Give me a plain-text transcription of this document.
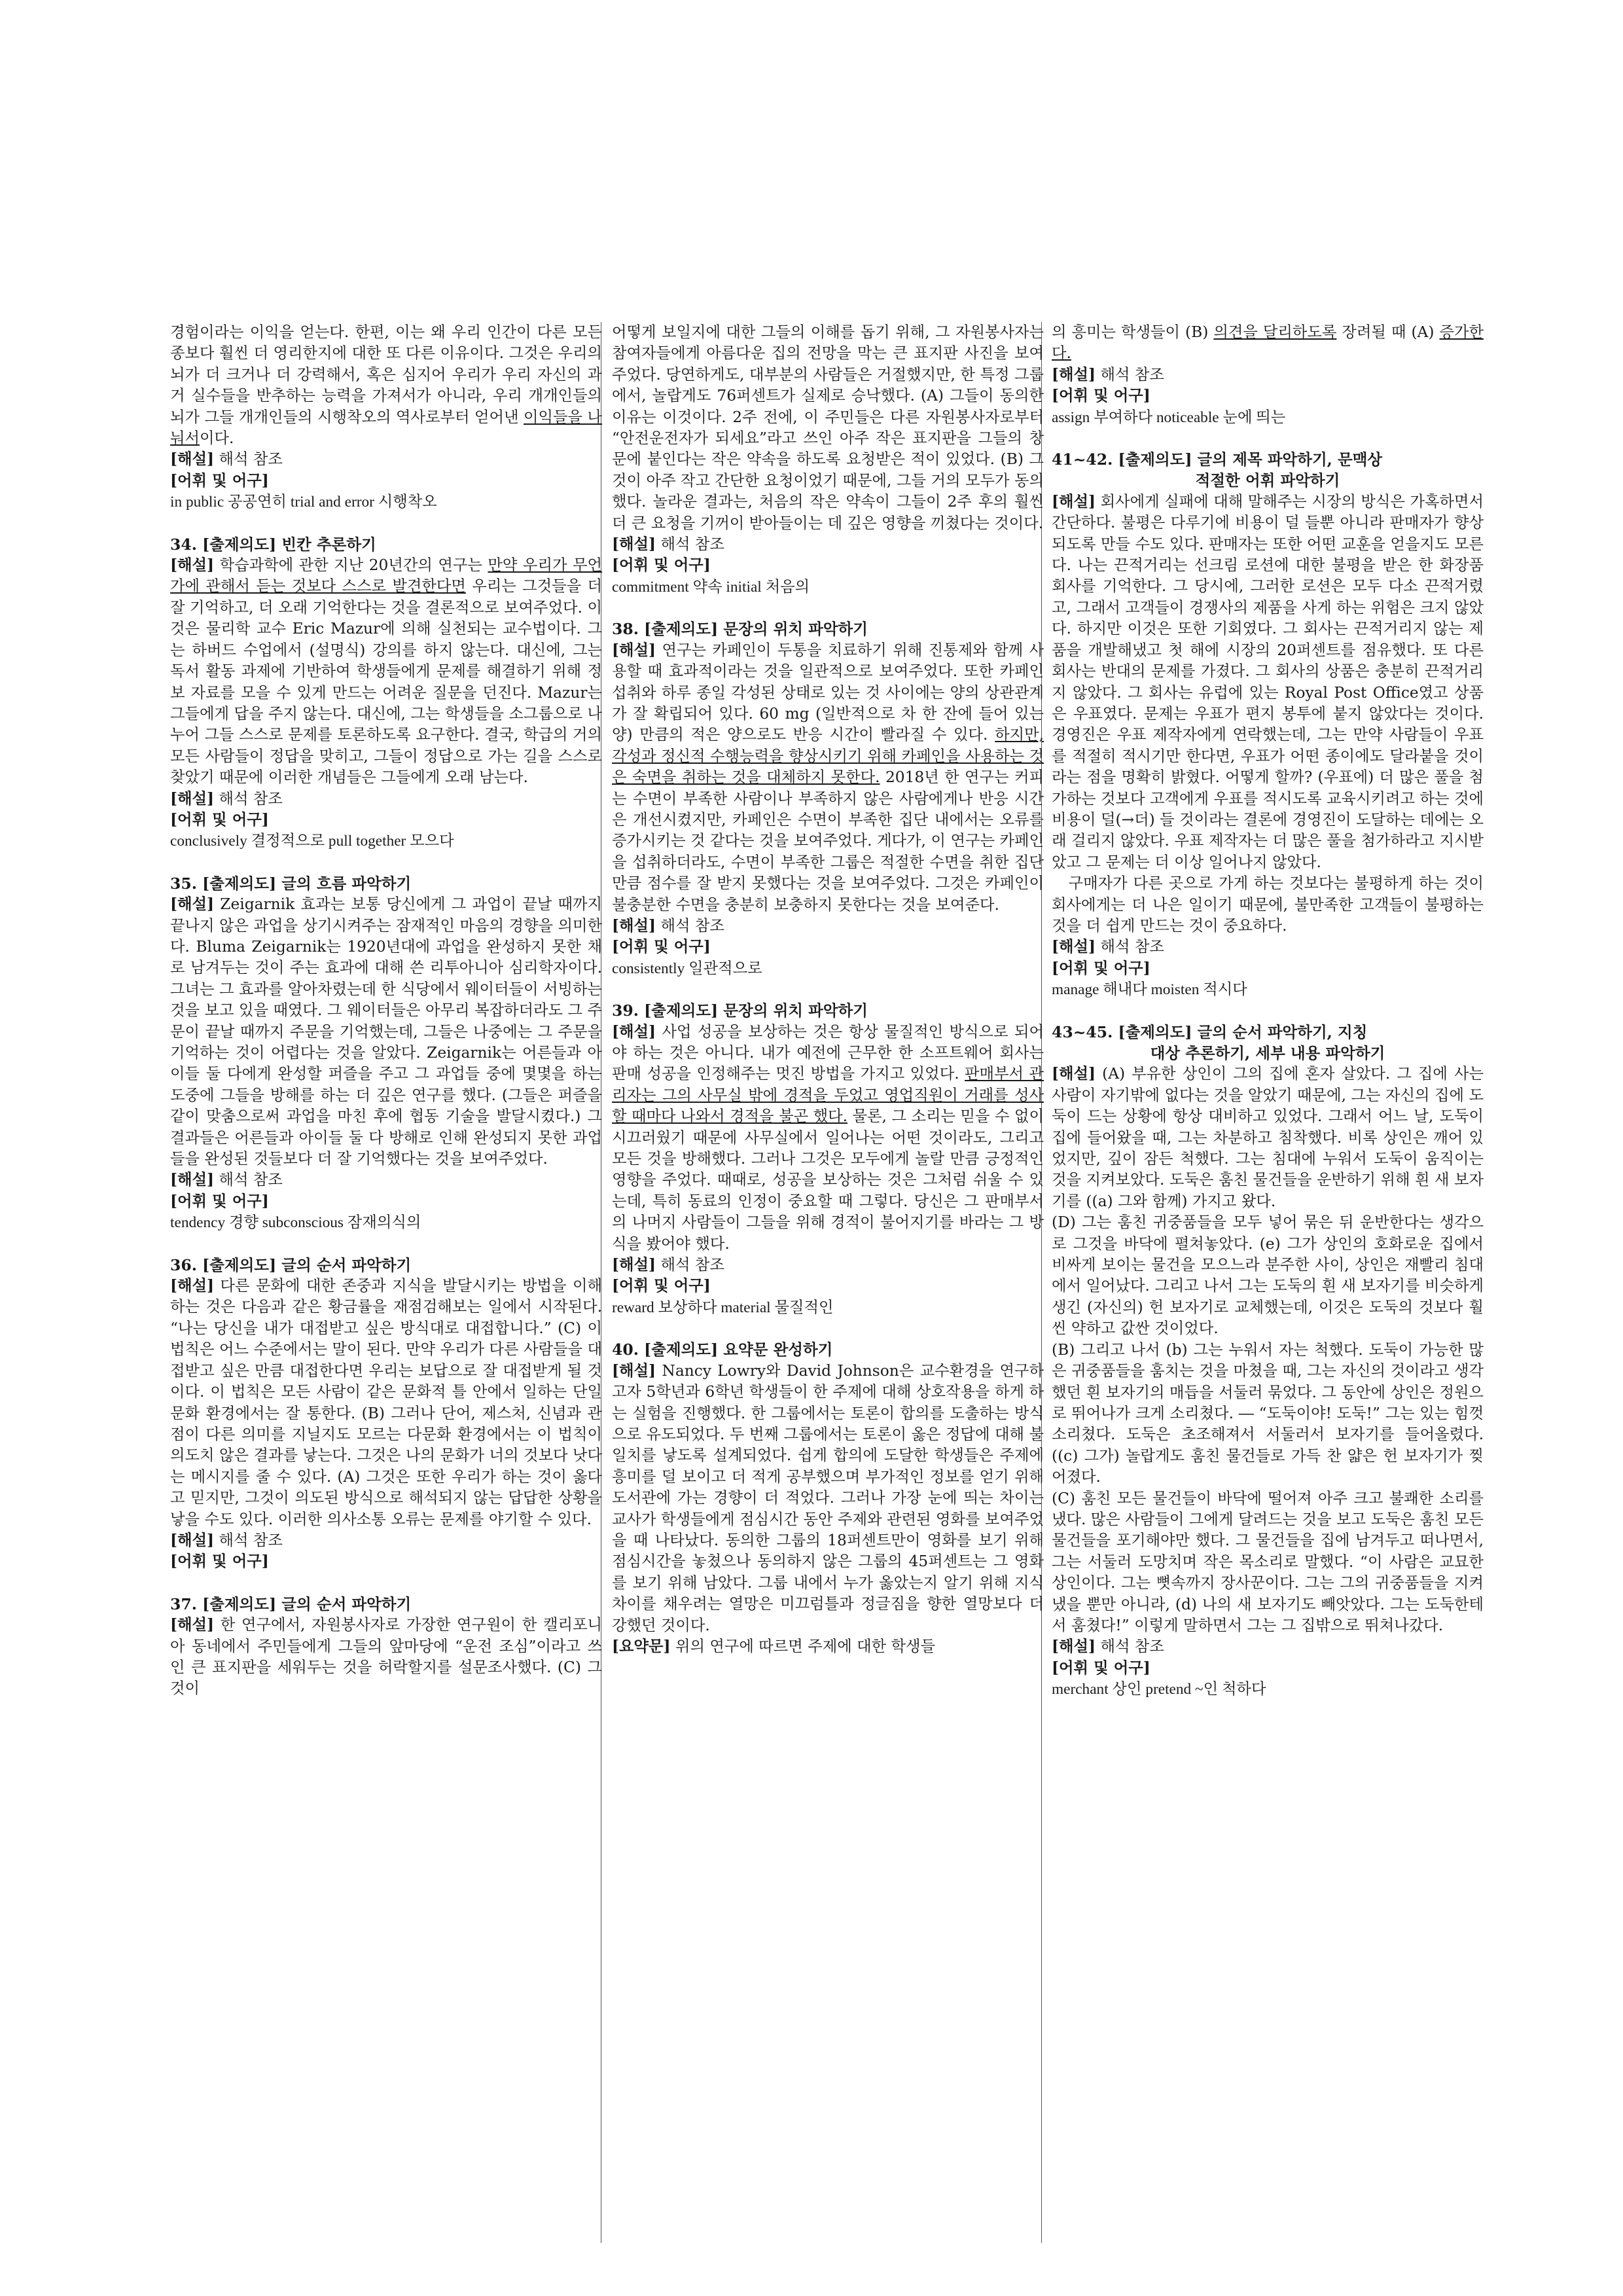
경험이라는 이익을 얻는다. 한편, 이는 왜 우리 인간이 다른 모든 종보다 훨씬 더 영리한지에 대한 또 다른 이유이다. 그것은 우리의 뇌가 더 크거나 더 강력해서, 혹은 심지어 우리가 우리 자신의 과거 실수들을 반추하는 능력을 가져서가 아니라, 우리 개개인들의 뇌가 그들 개개인들의 시행착오의 역사로부터 얻어낸 이익들을 나눠서이다.

[해설] 해석 참조

[어휘 및 어구]

in public 공공연히 trial and error 시행착오

34. [출제의도] 빈칸 추론하기

[해설] 학습과학에 관한 지난 20년간의 연구는 만약 우리가 무언가에 관해서 듣는 것보다 스스로 발견한다면 우리는 그것들을 더 잘 기억하고, 더 오래 기억한다는 것을 결론적으로 보여주었다. 이것은 물리학 교수 Eric Mazur에 의해 실천되는 교수법이다. 그는 하버드 수업에서 (설명식) 강의를 하지 않는다. 대신에, 그는 독서 활동 과제에 기반하여 학생들에게 문제를 해결하기 위해 정보 자료를 모을 수 있게 만드는 어려운 질문을 던진다. Mazur는 그들에게 답을 주지 않는다. 대신에, 그는 학생들을 소그룹으로 나누어 그들 스스로 문제를 토론하도록 요구한다. 결국, 학급의 거의 모든 사람들이 정답을 맞히고, 그들이 정답으로 가는 길을 스스로 찾았기 때문에 이러한 개념들은 그들에게 오래 남는다.

[해설] 해석 참조

[어휘 및 어구]

conclusively 결정적으로 pull together 모으다

35. [출제의도] 글의 흐름 파악하기

[해설] Zeigarnik 효과는 보통 당신에게 그 과업이 끝날 때까지 끝나지 않은 과업을 상기시켜주는 잠재적인 마음의 경향을 의미한다. Bluma Zeigarnik는 1920년대에 과업을 완성하지 못한 채로 남겨두는 것이 주는 효과에 대해 쓴 리투아니아 심리학자이다. 그녀는 그 효과를 알아차렸는데 한 식당에서 웨이터들이 서빙하는 것을 보고 있을 때였다. 그 웨이터들은 아무리 복잡하더라도 그 주문이 끝날 때까지 주문을 기억했는데, 그들은 나중에는 그 주문을 기억하는 것이 어렵다는 것을 알았다. Zeigarnik는 어른들과 아이들 둘 다에게 완성할 퍼즐을 주고 그 과업들 중에 몇몇을 하는 도중에 그들을 방해를 하는 더 깊은 연구를 했다. (그들은 퍼즐을 같이 맞춤으로써 과업을 마친 후에 협동 기술을 발달시켰다.) 그 결과들은 어른들과 아이들 둘 다 방해로 인해 완성되지 못한 과업들을 완성된 것들보다 더 잘 기억했다는 것을 보여주었다.

[해설] 해석 참조

[어휘 및 어구]

tendency 경향 subconscious 잠재의식의

36. [출제의도] 글의 순서 파악하기

[해설] 다른 문화에 대한 존중과 지식을 발달시키는 방법을 이해하는 것은 다음과 같은 황금률을 재점검해보는 일에서 시작된다. “나는 당신을 내가 대접받고 싶은 방식대로 대접합니다.” (C) 이 법칙은 어느 수준에서는 말이 된다. 만약 우리가 다른 사람들을 대접받고 싶은 만큼 대접한다면 우리는 보답으로 잘 대접받게 될 것이다. 이 법칙은 모든 사람이 같은 문화적 틀 안에서 일하는 단일 문화 환경에서는 잘 통한다. (B) 그러나 단어, 제스처, 신념과 관점이 다른 의미를 지닐지도 모르는 다문화 환경에서는 이 법칙이 의도치 않은 결과를 낳는다. 그것은 나의 문화가 너의 것보다 낫다는 메시지를 줄 수 있다. (A) 그것은 또한 우리가 하는 것이 옳다고 믿지만, 그것이 의도된 방식으로 해석되지 않는 답답한 상황을 낳을 수도 있다. 이러한 의사소통 오류는 문제를 야기할 수 있다.

[해설] 해석 참조

[어휘 및 어구]

37. [출제의도] 글의 순서 파악하기

[해설] 한 연구에서, 자원봉사자로 가장한 연구원이 한 캘리포니아 동네에서 주민들에게 그들의 앞마당에 “운전 조심”이라고 쓰인 큰 표지판을 세워두는 것을 허락할지를 설문조사했다. (C) 그것이

어떻게 보일지에 대한 그들의 이해를 돕기 위해, 그 자원봉사자는 참여자들에게 아름다운 집의 전망을 막는 큰 표지판 사진을 보여주었다. 당연하게도, 대부분의 사람들은 거절했지만, 한 특정 그룹에서, 놀랍게도 76퍼센트가 실제로 승낙했다. (A) 그들이 동의한 이유는 이것이다. 2주 전에, 이 주민들은 다른 자원봉사자로부터 “안전운전자가 되세요”라고 쓰인 아주 작은 표지판을 그들의 창문에 붙인다는 작은 약속을 하도록 요청받은 적이 있었다. (B) 그것이 아주 작고 간단한 요청이었기 때문에, 그들 거의 모두가 동의했다. 놀라운 결과는, 처음의 작은 약속이 그들이 2주 후의 훨씬 더 큰 요청을 기꺼이 받아들이는 데 깊은 영향을 끼쳤다는 것이다.

[해설] 해석 참조

[어휘 및 어구]

commitment 약속 initial 처음의

38. [출제의도] 문장의 위치 파악하기

[해설] 연구는 카페인이 두통을 치료하기 위해 진통제와 함께 사용할 때 효과적이라는 것을 일관적으로 보여주었다. 또한 카페인 섭취와 하루 종일 각성된 상태로 있는 것 사이에는 양의 상관관계가 잘 확립되어 있다. 60 mg (일반적으로 차 한 잔에 들어 있는 양) 만큼의 적은 양으로도 반응 시간이 빨라질 수 있다. 하지만, 각성과 정신적 수행능력을 향상시키기 위해 카페인을 사용하는 것은 숙면을 취하는 것을 대체하지 못한다. 2018년 한 연구는 커피는 수면이 부족한 사람이나 부족하지 않은 사람에게나 반응 시간은 개선시켰지만, 카페인은 수면이 부족한 집단 내에서는 오류를 증가시키는 것 같다는 것을 보여주었다. 게다가, 이 연구는 카페인을 섭취하더라도, 수면이 부족한 그룹은 적절한 수면을 취한 집단만큼 점수를 잘 받지 못했다는 것을 보여주었다. 그것은 카페인이 불충분한 수면을 충분히 보충하지 못한다는 것을 보여준다.

[해설] 해석 참조

[어휘 및 어구]

consistently 일관적으로

39. [출제의도] 문장의 위치 파악하기

[해설] 사업 성공을 보상하는 것은 항상 물질적인 방식으로 되어야 하는 것은 아니다. 내가 예전에 근무한 한 소프트웨어 회사는 판매 성공을 인정해주는 멋진 방법을 가지고 있었다. 판매부서 관리자는 그의 사무실 밖에 경적을 두었고 영업직원이 거래를 성사할 때마다 나와서 경적을 불곤 했다. 물론, 그 소리는 믿을 수 없이 시끄러웠기 때문에 사무실에서 일어나는 어떤 것이라도, 그리고 모든 것을 방해했다. 그러나 그것은 모두에게 놀랄 만큼 긍정적인 영향을 주었다. 때때로, 성공을 보상하는 것은 그처럼 쉬울 수 있는데, 특히 동료의 인정이 중요할 때 그렇다. 당신은 그 판매부서의 나머지 사람들이 그들을 위해 경적이 불어지기를 바라는 그 방식을 봤어야 했다.

[해설] 해석 참조

[어휘 및 어구]

reward 보상하다 material 물질적인

40. [출제의도] 요약문 완성하기

[해설] Nancy Lowry와 David Johnson은 교수환경을 연구하고자 5학년과 6학년 학생들이 한 주제에 대해 상호작용을 하게 하는 실험을 진행했다. 한 그룹에서는 토론이 합의를 도출하는 방식으로 유도되었다. 두 번째 그룹에서는 토론이 옳은 정답에 대해 불일치를 낳도록 설계되었다. 쉽게 합의에 도달한 학생들은 주제에 흥미를 덜 보이고 더 적게 공부했으며 부가적인 정보를 얻기 위해 도서관에 가는 경향이 더 적었다. 그러나 가장 눈에 띄는 차이는 교사가 학생들에게 점심시간 동안 주제와 관련된 영화를 보여주었을 때 나타났다. 동의한 그룹의 18퍼센트만이 영화를 보기 위해 점심시간을 놓쳤으나 동의하지 않은 그룹의 45퍼센트는 그 영화를 보기 위해 남았다. 그룹 내에서 누가 옳았는지 알기 위해 지식 차이를 채우려는 열망은 미끄럼틀과 정글짐을 향한 열망보다 더 강했던 것이다.

[요약문] 위의 연구에 따르면 주제에 대한 학생들

의 흥미는 학생들이 (B) 의견을 달리하도록 장려될 때 (A) 증가한다.

[해설] 해석 참조

[어휘 및 어구]

assign 부여하다 noticeable 눈에 띄는

41~42. [출제의도] 글의 제목 파악하기, 문맥상

적절한 어휘 파악하기

[해설] 회사에게 실패에 대해 말해주는 시장의 방식은 가혹하면서 간단하다. 불평은 다루기에 비용이 덜 들뿐 아니라 판매자가 향상되도록 만들 수도 있다. 판매자는 또한 어떤 교훈을 얻을지도 모른다. 나는 끈적거리는 선크림 로션에 대한 불평을 받은 한 화장품 회사를 기억한다. 그 당시에, 그러한 로션은 모두 다소 끈적거렸고, 그래서 고객들이 경쟁사의 제품을 사게 하는 위험은 크지 않았다. 하지만 이것은 또한 기회였다. 그 회사는 끈적거리지 않는 제품을 개발해냈고 첫 해에 시장의 20퍼센트를 점유했다. 또 다른 회사는 반대의 문제를 가졌다. 그 회사의 상품은 충분히 끈적거리지 않았다. 그 회사는 유럽에 있는 Royal Post Office였고 상품은 우표였다. 문제는 우표가 편지 봉투에 붙지 않았다는 것이다. 경영진은 우표 제작자에게 연락했는데, 그는 만약 사람들이 우표를 적절히 적시기만 한다면, 우표가 어떤 종이에도 달라붙을 것이라는 점을 명확히 밝혔다. 어떻게 할까? (우표에) 더 많은 풀을 첨가하는 것보다 고객에게 우표를 적시도록 교육시키려고 하는 것에 비용이 덜(→더) 들 것이라는 결론에 경영진이 도달하는 데에는 오래 걸리지 않았다. 우표 제작자는 더 많은 풀을 첨가하라고 지시받았고 그 문제는 더 이상 일어나지 않았다.

구매자가 다른 곳으로 가게 하는 것보다는 불평하게 하는 것이 회사에게는 더 나은 일이기 때문에, 불만족한 고객들이 불평하는 것을 더 쉽게 만드는 것이 중요하다.

[해설] 해석 참조

[어휘 및 어구]

manage 해내다 moisten 적시다

43~45. [출제의도] 글의 순서 파악하기, 지칭

대상 추론하기, 세부 내용 파악하기

[해설] (A) 부유한 상인이 그의 집에 혼자 살았다. 그 집에 사는 사람이 자기밖에 없다는 것을 알았기 때문에, 그는 자신의 집에 도둑이 드는 상황에 항상 대비하고 있었다. 그래서 어느 날, 도둑이 집에 들어왔을 때, 그는 차분하고 침착했다. 비록 상인은 깨어 있었지만, 깊이 잠든 척했다. 그는 침대에 누워서 도둑이 움직이는 것을 지켜보았다. 도둑은 훔친 물건들을 운반하기 위해 흰 새 보자기를 ((a) 그와 함께) 가지고 왔다.

(D) 그는 훔친 귀중품들을 모두 넣어 묶은 뒤 운반한다는 생각으로 그것을 바닥에 펼쳐놓았다. (e) 그가 상인의 호화로운 집에서 비싸게 보이는 물건을 모으느라 분주한 사이, 상인은 재빨리 침대에서 일어났다. 그리고 나서 그는 도둑의 흰 새 보자기를 비슷하게 생긴 (자신의) 헌 보자기로 교체했는데, 이것은 도둑의 것보다 훨씬 약하고 값싼 것이었다.

(B) 그리고 나서 (b) 그는 누워서 자는 척했다. 도둑이 가능한 많은 귀중품들을 훔치는 것을 마쳤을 때, 그는 자신의 것이라고 생각했던 흰 보자기의 매듭을 서둘러 묶었다. 그 동안에 상인은 정원으로 뛰어나가 크게 소리쳤다. ― “도둑이야! 도둑!” 그는 있는 힘껏 소리쳤다. 도둑은 초조해져서 서둘러서 보자기를 들어올렸다. ((c) 그가) 놀랍게도 훔친 물건들로 가득 찬 얇은 헌 보자기가 찢어졌다.

(C) 훔친 모든 물건들이 바닥에 떨어져 아주 크고 불쾌한 소리를 냈다. 많은 사람들이 그에게 달려드는 것을 보고 도둑은 훔친 모든 물건들을 포기해야만 했다. 그 물건들을 집에 남겨두고 떠나면서, 그는 서둘러 도망치며 작은 목소리로 말했다. “이 사람은 교묘한 상인이다. 그는 뼛속까지 장사꾼이다. 그는 그의 귀중품들을 지켜냈을 뿐만 아니라, (d) 나의 새 보자기도 빼앗았다. 그는 도둑한테서 훔쳤다!” 이렇게 말하면서 그는 그 집밖으로 뛰쳐나갔다.

[해설] 해석 참조

[어휘 및 어구]

merchant 상인 pretend ~인 척하다
